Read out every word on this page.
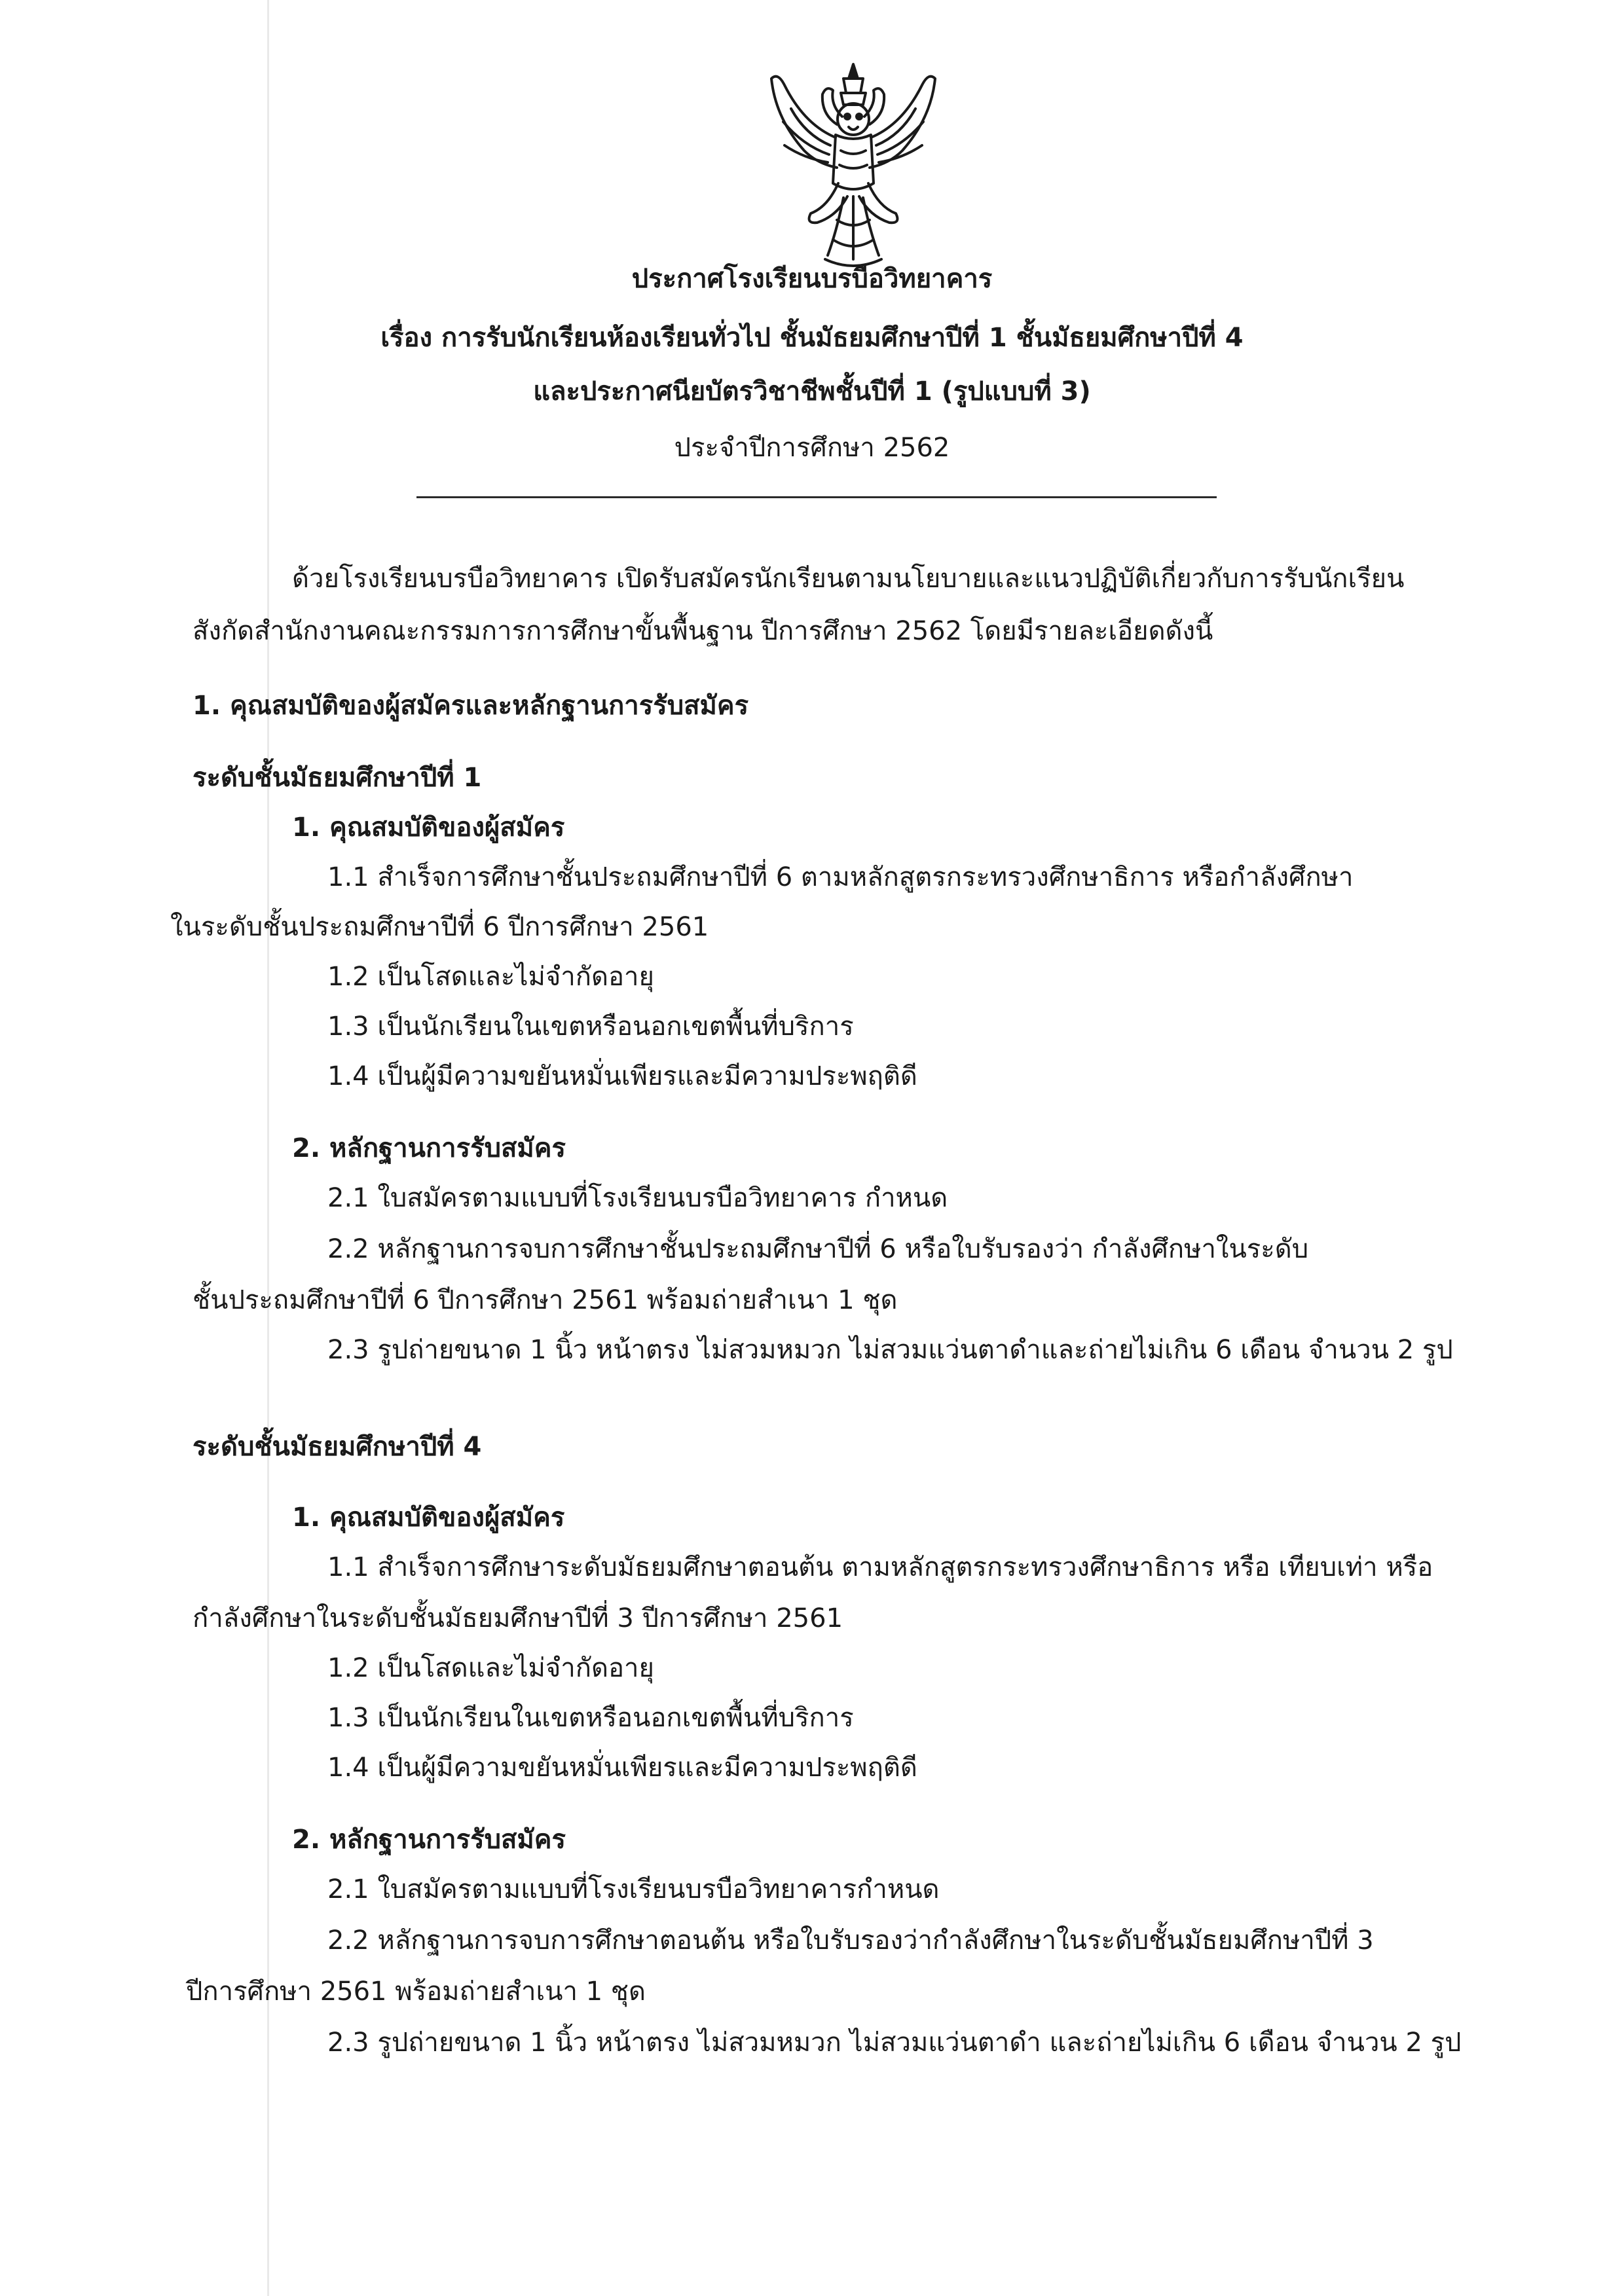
ประกาศโรงเรียนบรบือวิทยาคาร
เรื่อง การรับนักเรียนห้องเรียนทั่วไป ชั้นมัธยมศึกษาปีที่ 1 ชั้นมัธยมศึกษาปีที่ 4
และประกาศนียบัตรวิชาชีพชั้นปีที่ 1 (รูปแบบที่ 3)
ประจำปีการศึกษา 2562
ด้วยโรงเรียนบรบือวิทยาคาร เปิดรับสมัครนักเรียนตามนโยบายและแนวปฏิบัติเกี่ยวกับการรับนักเรียน
สังกัดสำนักงานคณะกรรมการการศึกษาขั้นพื้นฐาน ปีการศึกษา 2562 โดยมีรายละเอียดดังนี้
1. คุณสมบัติของผู้สมัครและหลักฐานการรับสมัคร
ระดับชั้นมัธยมศึกษาปีที่ 1
1. คุณสมบัติของผู้สมัคร
1.1 สำเร็จการศึกษาชั้นประถมศึกษาปีที่ 6 ตามหลักสูตรกระทรวงศึกษาธิการ หรือกำลังศึกษา
ในระดับชั้นประถมศึกษาปีที่ 6 ปีการศึกษา 2561
1.2 เป็นโสดและไม่จำกัดอายุ
1.3 เป็นนักเรียนในเขตหรือนอกเขตพื้นที่บริการ
1.4 เป็นผู้มีความขยันหมั่นเพียรและมีความประพฤติดี
2. หลักฐานการรับสมัคร
2.1 ใบสมัครตามแบบที่โรงเรียนบรบือวิทยาคาร กำหนด
2.2 หลักฐานการจบการศึกษาชั้นประถมศึกษาปีที่ 6 หรือใบรับรองว่า กำลังศึกษาในระดับ
ชั้นประถมศึกษาปีที่ 6 ปีการศึกษา 2561 พร้อมถ่ายสำเนา 1 ชุด
2.3 รูปถ่ายขนาด 1 นิ้ว หน้าตรง ไม่สวมหมวก ไม่สวมแว่นตาดำและถ่ายไม่เกิน 6 เดือน จำนวน 2 รูป
ระดับชั้นมัธยมศึกษาปีที่ 4
1. คุณสมบัติของผู้สมัคร
1.1 สำเร็จการศึกษาระดับมัธยมศึกษาตอนต้น ตามหลักสูตรกระทรวงศึกษาธิการ หรือ เทียบเท่า หรือ
กำลังศึกษาในระดับชั้นมัธยมศึกษาปีที่ 3 ปีการศึกษา 2561
1.2 เป็นโสดและไม่จำกัดอายุ
1.3 เป็นนักเรียนในเขตหรือนอกเขตพื้นที่บริการ
1.4 เป็นผู้มีความขยันหมั่นเพียรและมีความประพฤติดี
2. หลักฐานการรับสมัคร
2.1 ใบสมัครตามแบบที่โรงเรียนบรบือวิทยาคารกำหนด
2.2 หลักฐานการจบการศึกษาตอนต้น หรือใบรับรองว่ากำลังศึกษาในระดับชั้นมัธยมศึกษาปีที่ 3
ปีการศึกษา 2561 พร้อมถ่ายสำเนา 1 ชุด
2.3 รูปถ่ายขนาด 1 นิ้ว หน้าตรง ไม่สวมหมวก ไม่สวมแว่นตาดำ และถ่ายไม่เกิน 6 เดือน จำนวน 2 รูป
